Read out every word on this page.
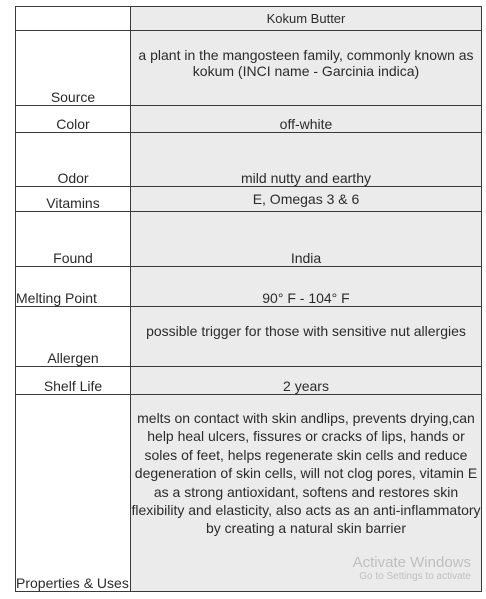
	Kokum Butter
Source	a plant in the mangosteen family, commonly known as kokum (INCI name - Garcinia indica)
Color	off-white
Odor	mild nutty and earthy
Vitamins	E, Omegas 3 & 6
Found	India
Melting Point	90° F - 104° F
Allergen	possible trigger for those with sensitive nut allergies
Shelf Life	2 years
Properties & Uses	melts on contact with skin andlips, prevents drying,can help heal ulcers, fissures or cracks of lips, hands or soles of feet, helps regenerate skin cells and reduce degeneration of skin cells, will not clog pores, vitamin E as a strong antioxidant, softens and restores skin flexibility and elasticity, also acts as an anti-inflammatory by creating a natural skin barrier
Activate Windows
Go to Settings to activate
